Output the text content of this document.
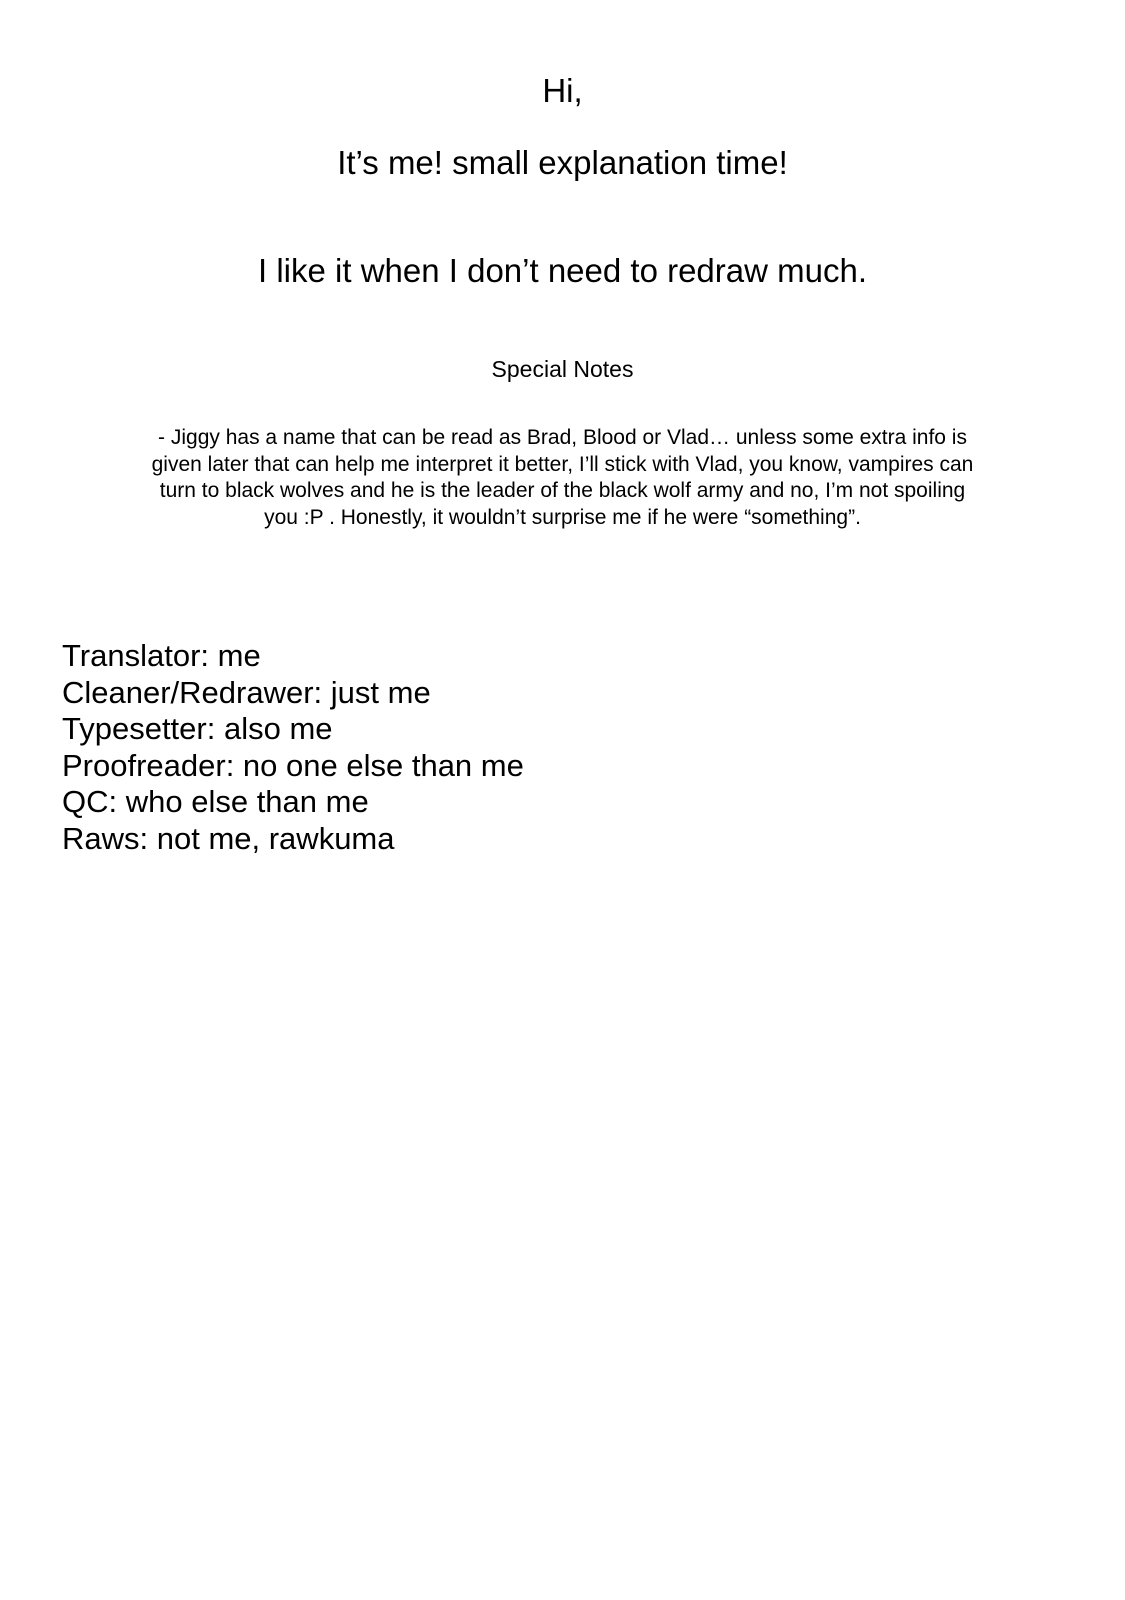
Hi,
It’s me! small explanation time!
I like it when I don’t need to redraw much.
Special Notes
- Jiggy has a name that can be read as Brad, Blood or Vlad… unless some extra info is
given later that can help me interpret it better, I’ll stick with Vlad, you know, vampires can
turn to black wolves and he is the leader of the black wolf army and no, I’m not spoiling
you :P . Honestly, it wouldn’t surprise me if he were “something”.
Translator: me
Cleaner/Redrawer: just me
Typesetter: also me
Proofreader: no one else than me
QC: who else than me
Raws: not me, rawkuma
